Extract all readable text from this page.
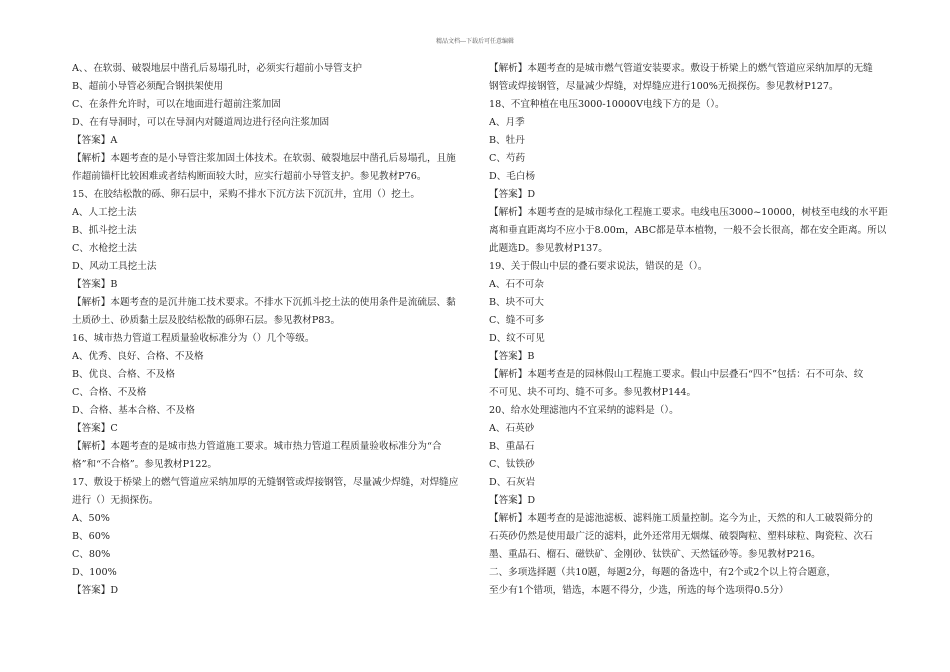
精品文档---下载后可任意编辑
A、、在软弱、破裂地层中凿孔后易塌孔时，必须实行超前小导管支护
B、超前小导管必须配合钢拱架使用
C、在条件允许时，可以在地面进行超前注浆加固
D、在有导洞时，可以在导洞内对隧道周边进行径向注浆加固
【答案】A
【解析】本题考查的是小导管注浆加固土体技术。在软弱、破裂地层中凿孔后易塌孔，且施
作超前锚杆比较困难或者结构断面较大时，应实行超前小导管支护。参见教材P76。
15、在胶结松散的砾、卵石层中，采购不排水下沉方法下沉沉井，宜用（）挖土。
A、人工挖土法
B、抓斗挖土法
C、水枪挖土法
D、风动工具挖土法
【答案】B
【解析】本题考查的是沉井施工技术要求。不排水下沉抓斗挖土法的使用条件是流硫层、黏
土质砂土、砂质黏土层及胶结松散的砾卵石层。参见教材P83。
16、城市热力管道工程质量验收标准分为（）几个等级。
A、优秀、良好、合格、不及格
B、优良、合格、不及格
C、合格、不及格
D、合格、基本合格、不及格
【答案】C
【解析】本题考查的是城市热力管道施工要求。城市热力管道工程质量验收标准分为“合
格”和“不合格”。参见教材P122。
17、敷设于桥梁上的燃气管道应采纳加厚的无缝钢管或焊接钢管，尽量减少焊缝，对焊缝应
进行（）无损探伤。
A、50%
B、60%
C、80%
D、100%
【答案】D
【解析】本题考查的是城市燃气管道安装要求。敷设于桥梁上的燃气管道应采纳加厚的无缝
钢管或焊接钢管，尽量减少焊缝，对焊缝应进行100%无损探伤。参见教材P127。
18、不宜种植在电压3000-10000V电线下方的是（）。
A、月季
B、牡丹
C、芍药
D、毛白杨
【答案】D
【解析】本题考查的是城市绿化工程施工要求。电线电压3000~10000，树枝至电线的水平距
离和垂直距离均不应小于8.00m，ABC都是草本植物，一般不会长很高，都在安全距离。所以
此题选D。参见教材P137。
19、关于假山中层的叠石要求说法，错误的是（）。
A、石不可杂
B、块不可大
C、缝不可多
D、纹不可见
【答案】B
【解析】本题考查是的园林假山工程施工要求。假山中层叠石“四不”包括：石不可杂、纹
不可见、块不可均、缝不可多。参见教材P144。
20、给水处理滤池内不宜采纳的滤料是（）。
A、石英砂
B、重晶石
C、钛铁砂
D、石灰岩
【答案】D
【解析】本题考查的是滤池滤板、滤料施工质量控制。迄今为止，天然的和人工破裂筛分的
石英砂仍然是使用最广泛的滤料，此外还常用无烟煤、破裂陶粒、塑料球粒、陶瓷粒、次石
墨、重晶石、榴石、磁铁矿、金刚砂、钛铁矿、天然锰砂等。参见教材P216。
二、多项选择题（共10题，每题2分，每题的备选中，有2个或2个以上符合题意，
至少有1个错项，错选，本题不得分，少选，所选的每个选项得0.5分）
